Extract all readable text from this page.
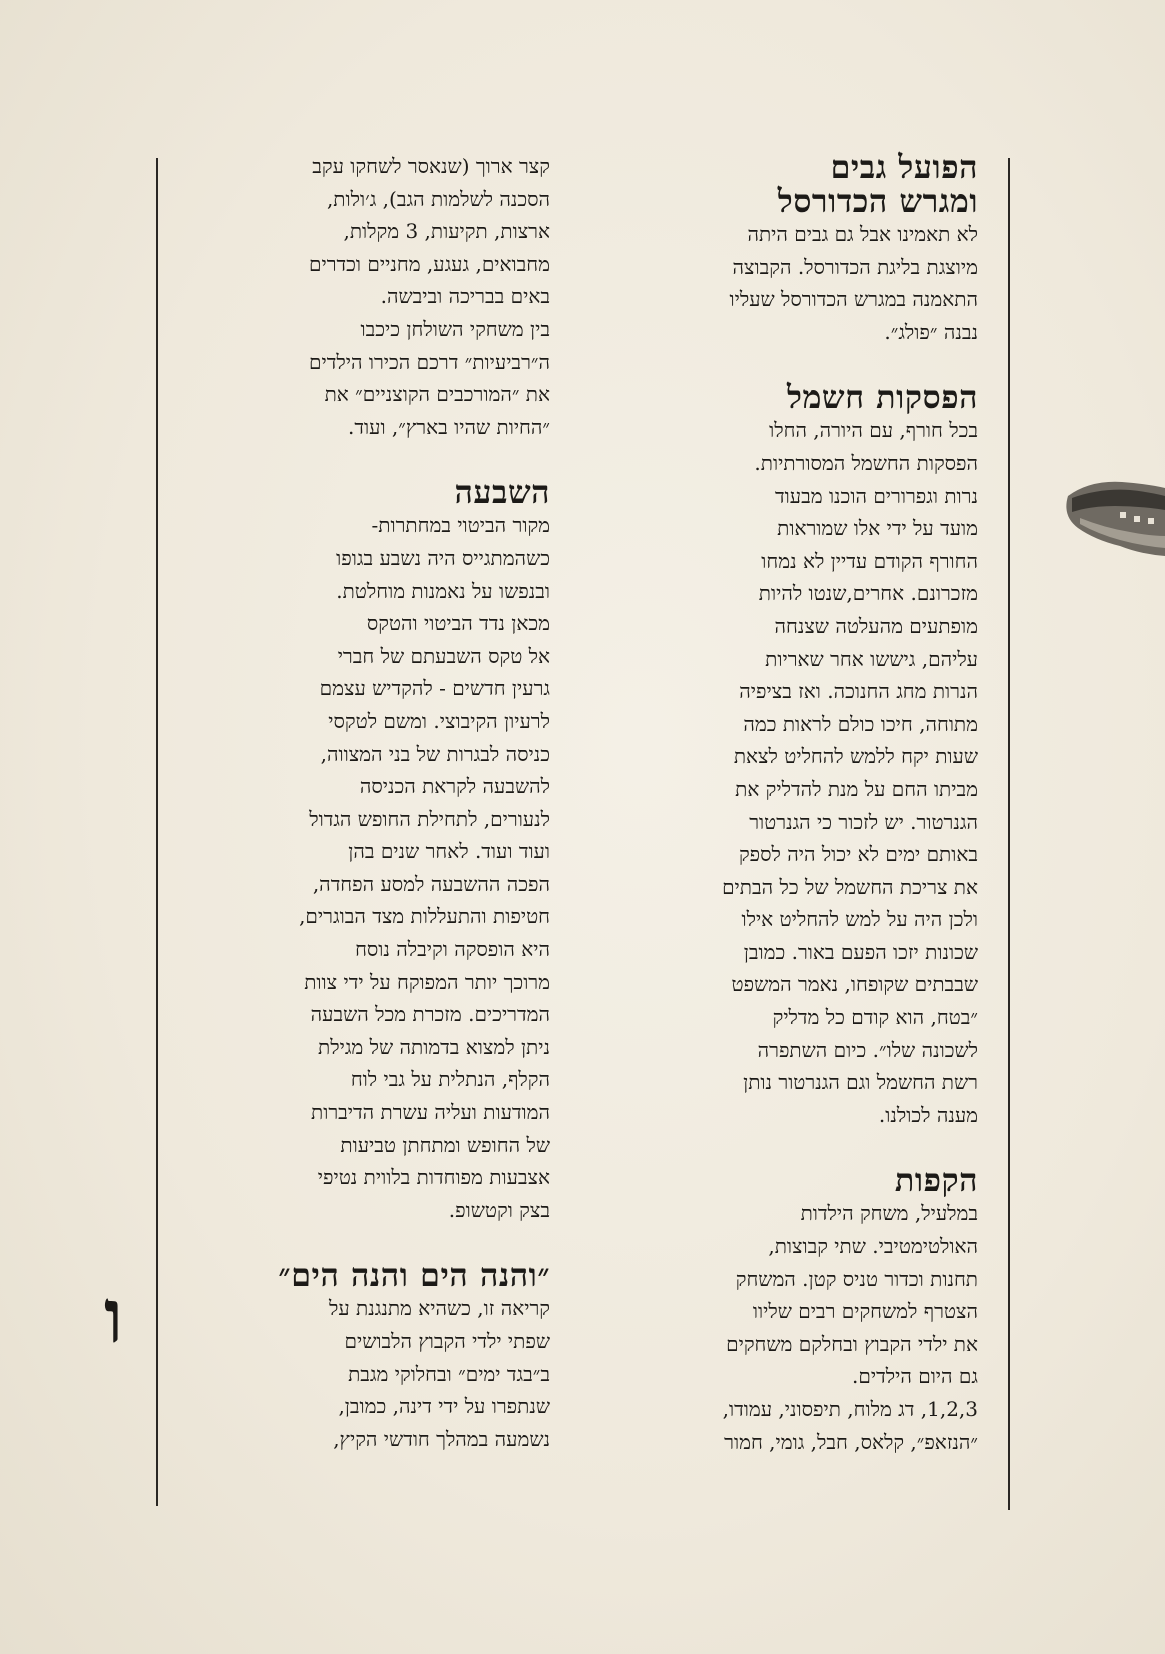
הפועל גבים
ומגרש הכדורסל

לא תאמינו אבל גם גבים היתה
מיוצגת בליגת הכדורסל. הקבוצה
התאמנה במגרש הכדורסל שעליו
נבנה ״פולג״.

הפסקות חשמל

בכל חורף, עם היורה, החלו
הפסקות החשמל המסורתיות.
נרות וגפרורים הוכנו מבעוד
מועד על ידי אלו שמוראות
החורף הקודם עדיין לא נמחו
מזכרונם. אחרים,שנטו להיות
מופתעים מהעלטה שצנחה
עליהם, גיששו אחר שאריות
הנרות מחג החנוכה. ואז בציפיה
מתוחה, חיכו כולם לראות כמה
שעות יקח ללמש להחליט לצאת
מביתו החם על מנת להדליק את
הגנרטור. יש לזכור כי הגנרטור
באותם ימים לא יכול היה לספק
את צריכת החשמל של כל הבתים
ולכן היה על למש להחליט אילו
שכונות יזכו הפעם באור. כמובן
שבבתים שקופחו, נאמר המשפט
״בטח, הוא קודם כל מדליק
לשכונה שלו״. כיום השתפרה
רשת החשמל וגם הגנרטור נותן
מענה לכולנו.

הקפות

במלעיל, משחק הילדות
האולטימטיבי. שתי קבוצות,
תחנות וכדור טניס קטן. המשחק
הצטרף למשחקים רבים שליוו
את ילדי הקבוץ ובחלקם משחקים
גם היום הילדים.

1,2,3, דג מלוח, תיפסוני, עמודו,
״הנזאפ״, קלאס, חבל, גומי, חמור

קצר ארוך (שנאסר לשחקו עקב
הסכנה לשלמות הגב), ג׳ולות,
ארצות, תקיעות, 3 מקלות,
מחבואים, געגע, מחניים וכדרים
באים בבריכה וביבשה.

בין משחקי השולחן כיכבו
ה״רביעיות״ דרכם הכירו הילדים
את ״המורכבים הקוצניים״ את
״החיות שהיו בארץ״, ועוד.

השבעה

מקור הביטוי במחתרות-
כשהמתגייס היה נשבע בגופו
ובנפשו על נאמנות מוחלטת.
מכאן נדד הביטוי והטקס
אל טקס השבעתם של חברי
גרעין חדשים - להקדיש עצמם
לרעיון הקיבוצי. ומשם לטקסי
כניסה לבגרות של בני המצווה,
להשבעה לקראת הכניסה
לנעורים, לתחילת החופש הגדול
ועוד ועוד. לאחר שנים בהן
הפכה ההשבעה למסע הפחדה,
חטיפות והתעללות מצד הבוגרים,
היא הופסקה וקיבלה נוסח
מרוכך יותר המפוקח על ידי צוות
המדריכים. מזכרת מכל השבעה
ניתן למצוא בדמותה של מגילת
הקלף, הנתלית על גבי לוח
המודעות ועליה עשרת הדיברות
של החופש ומתחתן טביעות
אצבעות מפוחדות בלווית נטיפי
בצק וקטשופ.

״והנה הים והנה הים״

קריאה זו, כשהיא מתנגנת על
שפתי ילדי הקבוץ הלבושים
ב״בגד ימים״ ובחלוקי מגבת
שנתפרו על ידי דינה, כמובן,
נשמעה במהלך חודשי הקיץ,

ו
